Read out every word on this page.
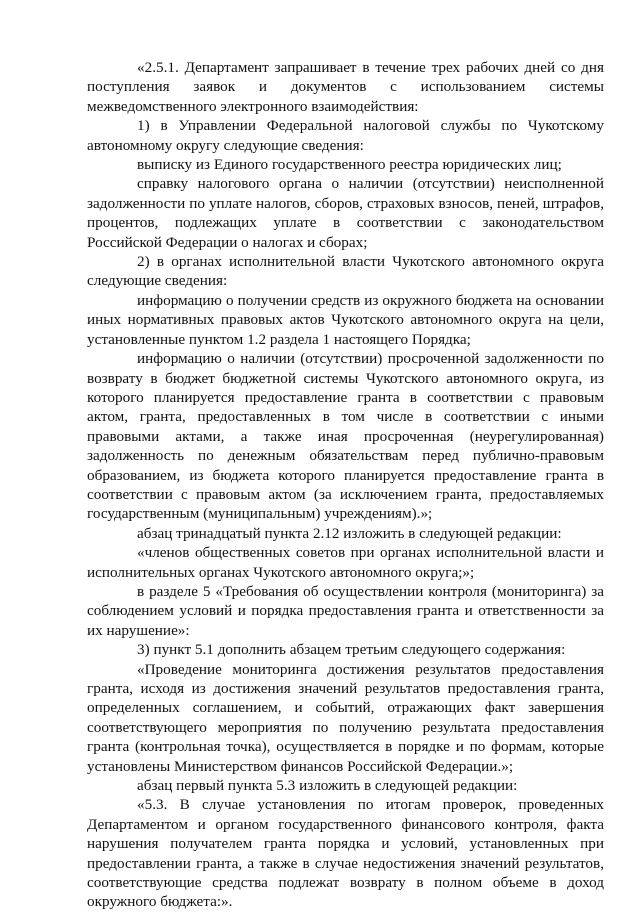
«2.5.1. Департамент запрашивает в течение трех рабочих дней со дня поступления заявок и документов с использованием системы межведомственного электронного взаимодействия:

1) в Управлении Федеральной налоговой службы по Чукотскому автономному округу следующие сведения:

выписку из Единого государственного реестра юридических лиц;

справку налогового органа о наличии (отсутствии) неисполненной задолженности по уплате налогов, сборов, страховых взносов, пеней, штрафов, процентов, подлежащих уплате в соответствии с законодательством Российской Федерации о налогах и сборах;

2) в органах исполнительной власти Чукотского автономного округа следующие сведения:

информацию о получении средств из окружного бюджета на основании иных нормативных правовых актов Чукотского автономного округа на цели, установленные пунктом 1.2 раздела 1 настоящего Порядка;

информацию о наличии (отсутствии) просроченной задолженности по возврату в бюджет бюджетной системы Чукотского автономного округа, из которого планируется предоставление гранта в соответствии с правовым актом, гранта, предоставленных в том числе в соответствии с иными правовыми актами, а также иная просроченная (неурегулированная) задолженность по денежным обязательствам перед публично-правовым образованием, из бюджета которого планируется предоставление гранта в соответствии с правовым актом (за исключением гранта, предоставляемых государственным (муниципальным) учреждениям).»;

абзац тринадцатый пункта 2.12 изложить в следующей редакции:

«членов общественных советов при органах исполнительной власти и исполнительных органах Чукотского автономного округа;»;

в разделе 5 «Требования об осуществлении контроля (мониторинга) за соблюдением условий и порядка предоставления гранта и ответственности за их нарушение»:

3) пункт 5.1 дополнить абзацем третьим следующего содержания:

«Проведение мониторинга достижения результатов предоставления гранта, исходя из достижения значений результатов предоставления гранта, определенных соглашением, и событий, отражающих факт завершения соответствующего мероприятия по получению результата предоставления гранта (контрольная точка), осуществляется в порядке и по формам, которые установлены Министерством финансов Российской Федерации.»;

абзац первый пункта 5.3 изложить в следующей редакции:

«5.3. В случае установления по итогам проверок, проведенных Департаментом и органом государственного финансового контроля, факта нарушения получателем гранта порядка и условий, установленных при предоставлении гранта, а также в случае недостижения значений результатов, соответствующие средства подлежат возврату в полном объеме в доход окружного бюджета:».
